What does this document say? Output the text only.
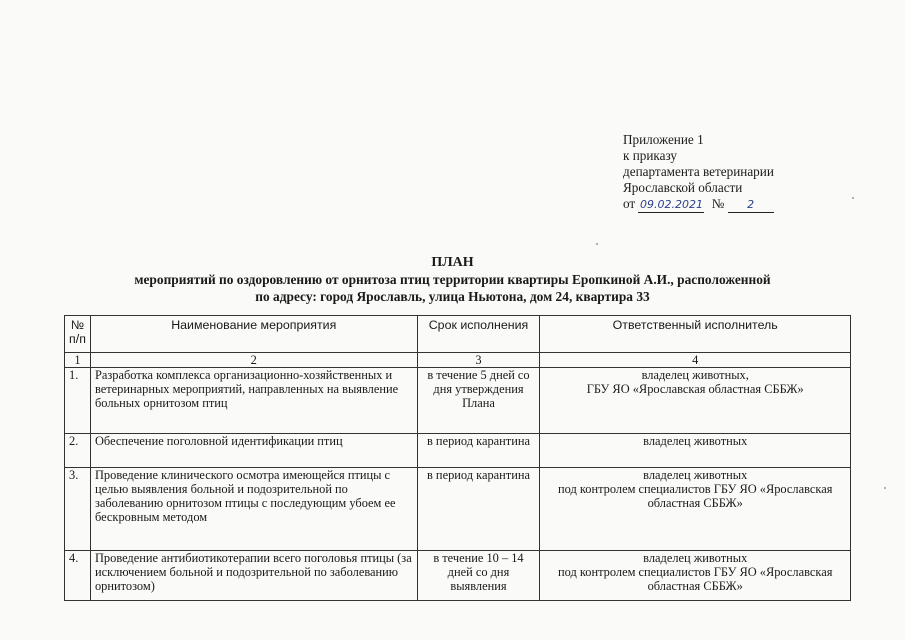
Приложение 1
к приказу
департамента ветеринарии
Ярославской области
от 09.02.2021 № 2
ПЛАН
мероприятий по оздоровлению от орнитоза птиц территории квартиры Еропкиной А.И., расположенной
по адресу: город Ярославль, улица Ньютона, дом 24, квартира 33
№ п/п	Наименование мероприятия	Срок исполнения	Ответственный исполнитель
1	2	3	4
1.	Разработка комплекса организационно-хозяйственных и ветеринарных мероприятий, направленных на выявление больных орнитозом птиц	в течение 5 дней со дня утверждения Плана	владелец животных,
ГБУ ЯО «Ярославская областная СББЖ»

2.	Обеспечение поголовной идентификации птиц	в период карантина	владелец животных

3.	Проведение клинического осмотра имеющейся птицы с целью выявления больной и подозрительной по заболеванию орнитозом птицы с последующим убоем ее бескровным методом	в период карантина	владелец животных
под контролем специалистов ГБУ ЯО «Ярославская областная СББЖ»

4.	Проведение антибиотикотерапии всего поголовья птицы (за исключением больной и подозрительной по заболеванию орнитозом)	в течение 10 – 14 дней со дня выявления	владелец животных
под контролем специалистов ГБУ ЯО «Ярославская областная СББЖ»
